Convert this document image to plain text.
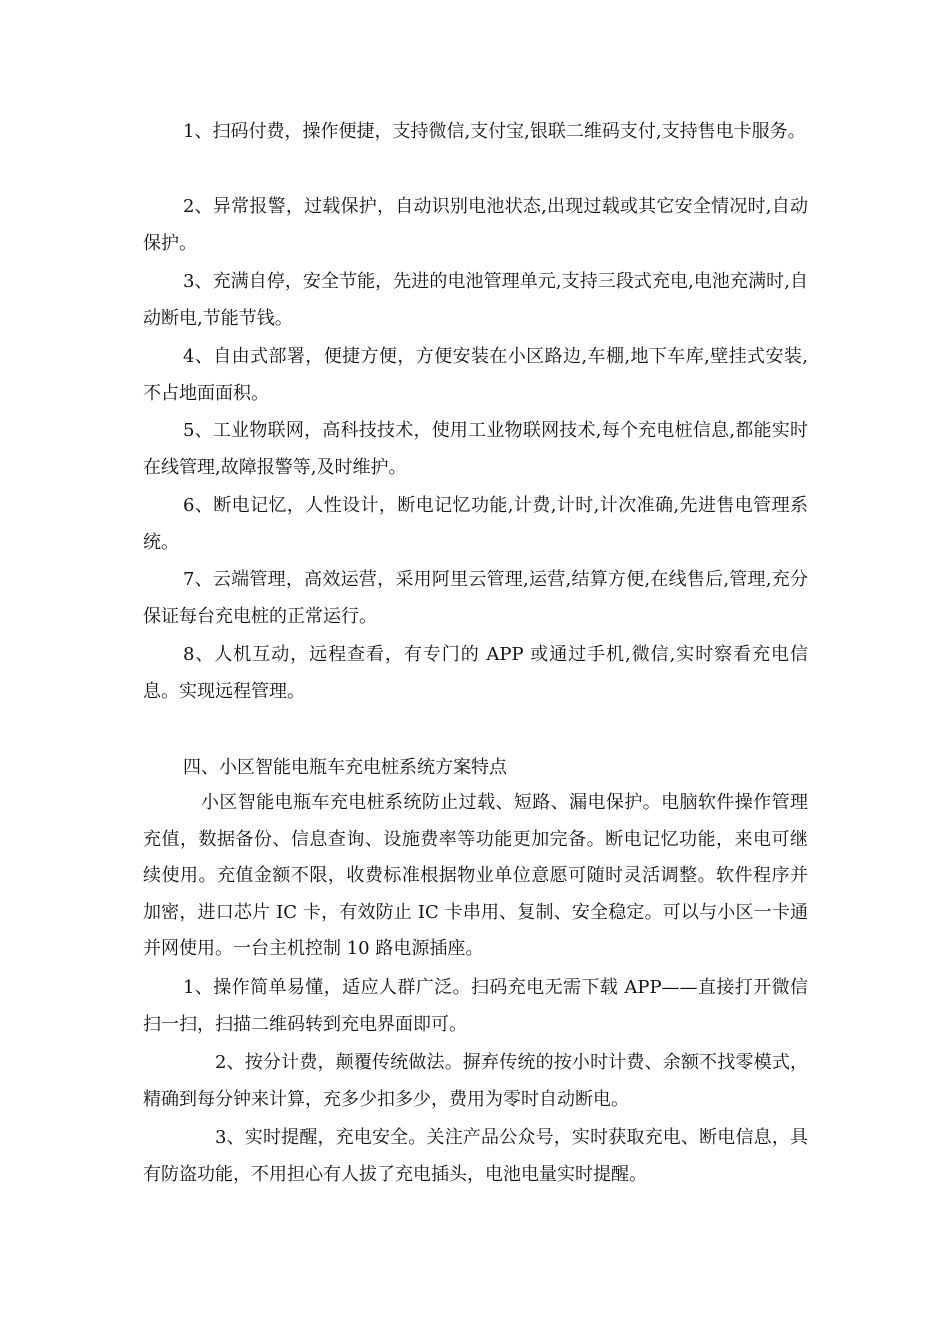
1、扫码付费，操作便捷，支持微信,支付宝,银联二维码支付,支持售电卡服务。

2、异常报警，过载保护，自动识别电池状态,出现过载或其它安全情况时,自动保护。

3、充满自停，安全节能，先进的电池管理单元,支持三段式充电,电池充满时,自动断电,节能节钱。

4、自由式部署，便捷方便，方便安装在小区路边,车棚,地下车库,壁挂式安装,不占地面面积。

5、工业物联网，高科技技术，使用工业物联网技术,每个充电桩信息,都能实时在线管理,故障报警等,及时维护。

6、断电记忆，人性设计，断电记忆功能,计费,计时,计次准确,先进售电管理系统。

7、云端管理，高效运营，采用阿里云管理,运营,结算方便,在线售后,管理,充分保证每台充电桩的正常运行。

8、人机互动，远程查看，有专门的 APP 或通过手机,微信,实时察看充电信息。实现远程管理。

四、小区智能电瓶车充电桩系统方案特点

小区智能电瓶车充电桩系统防止过载、短路、漏电保护。电脑软件操作管理充值，数据备份、信息查询、设施费率等功能更加完备。断电记忆功能，来电可继续使用。充值金额不限，收费标准根据物业单位意愿可随时灵活调整。软件程序并加密，进口芯片 IC 卡，有效防止 IC 卡串用、复制、安全稳定。可以与小区一卡通并网使用。一台主机控制 10 路电源插座。

1、操作简单易懂，适应人群广泛。扫码充电无需下载 APP——直接打开微信扫一扫，扫描二维码转到充电界面即可。

2、按分计费，颠覆传统做法。摒弃传统的按小时计费、余额不找零模式，精确到每分钟来计算，充多少扣多少，费用为零时自动断电。

3、实时提醒，充电安全。关注产品公众号，实时获取充电、断电信息，具有防盗功能，不用担心有人拔了充电插头，电池电量实时提醒。
